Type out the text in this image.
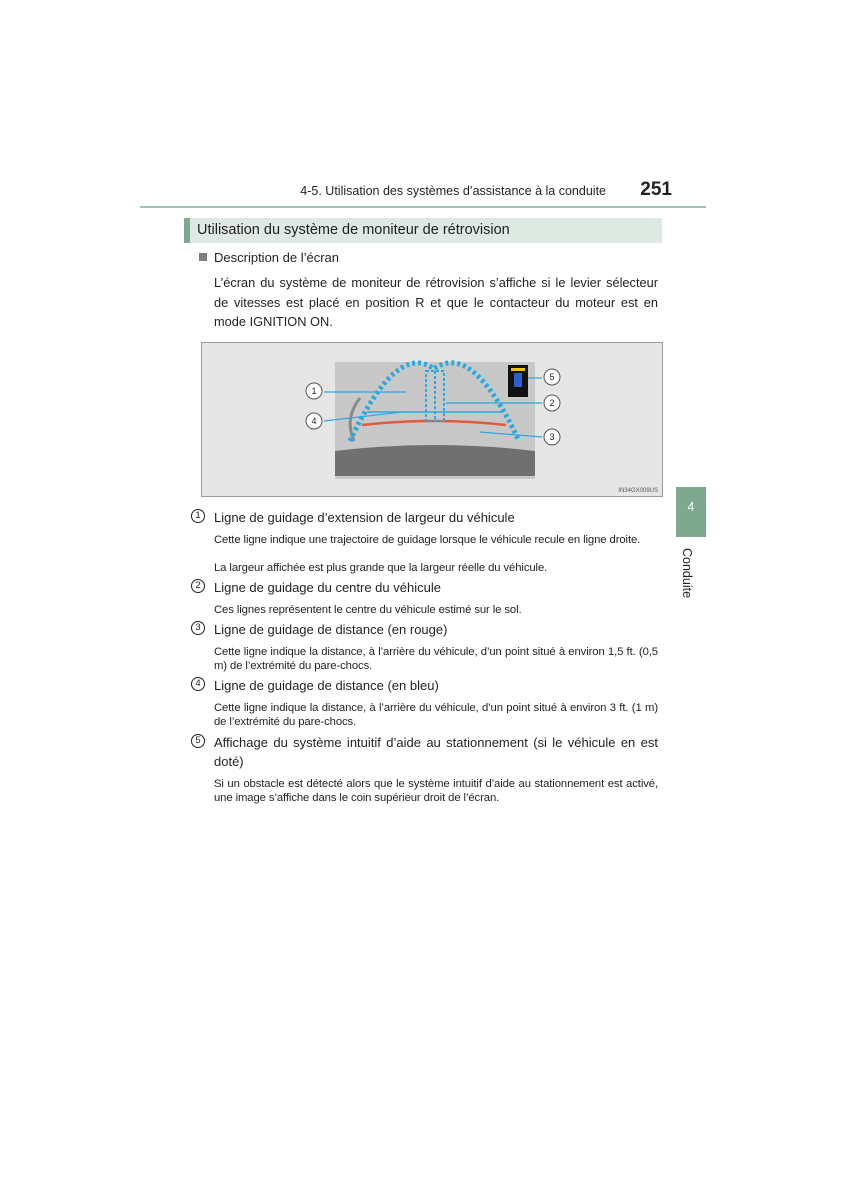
4-5. Utilisation des systèmes d’assistance à la conduite	251
Utilisation du système de moniteur de rétrovision
Description de l’écran
L’écran du système de moniteur de rétrovision s’affiche si le levier sélecteur de vitesses est placé en position R et que le contacteur du moteur est en mode IGNITION ON.
1
4
5
2
3
IN34GX009US
1	Ligne de guidage d’extension de largeur du véhicule
Cette ligne indique une trajectoire de guidage lorsque le véhicule recule en ligne droite.
La largeur affichée est plus grande que la largeur réelle du véhicule.
2	Ligne de guidage du centre du véhicule
Ces lignes représentent le centre du véhicule estimé sur le sol.
3	Ligne de guidage de distance (en rouge)
Cette ligne indique la distance, à l’arrière du véhicule, d’un point situé à environ 1,5 ft. (0,5 m) de l’extrémité du pare-chocs.
4	Ligne de guidage de distance (en bleu)
Cette ligne indique la distance, à l’arrière du véhicule, d’un point situé à environ 3 ft. (1 m) de l’extrémité du pare-chocs.
5	Affichage du système intuitif d’aide au stationnement (si le véhicule en est doté)
Si un obstacle est détecté alors que le système intuitif d’aide au stationnement est activé, une image s’affiche dans le coin supérieur droit de l’écran.
4
Conduite
